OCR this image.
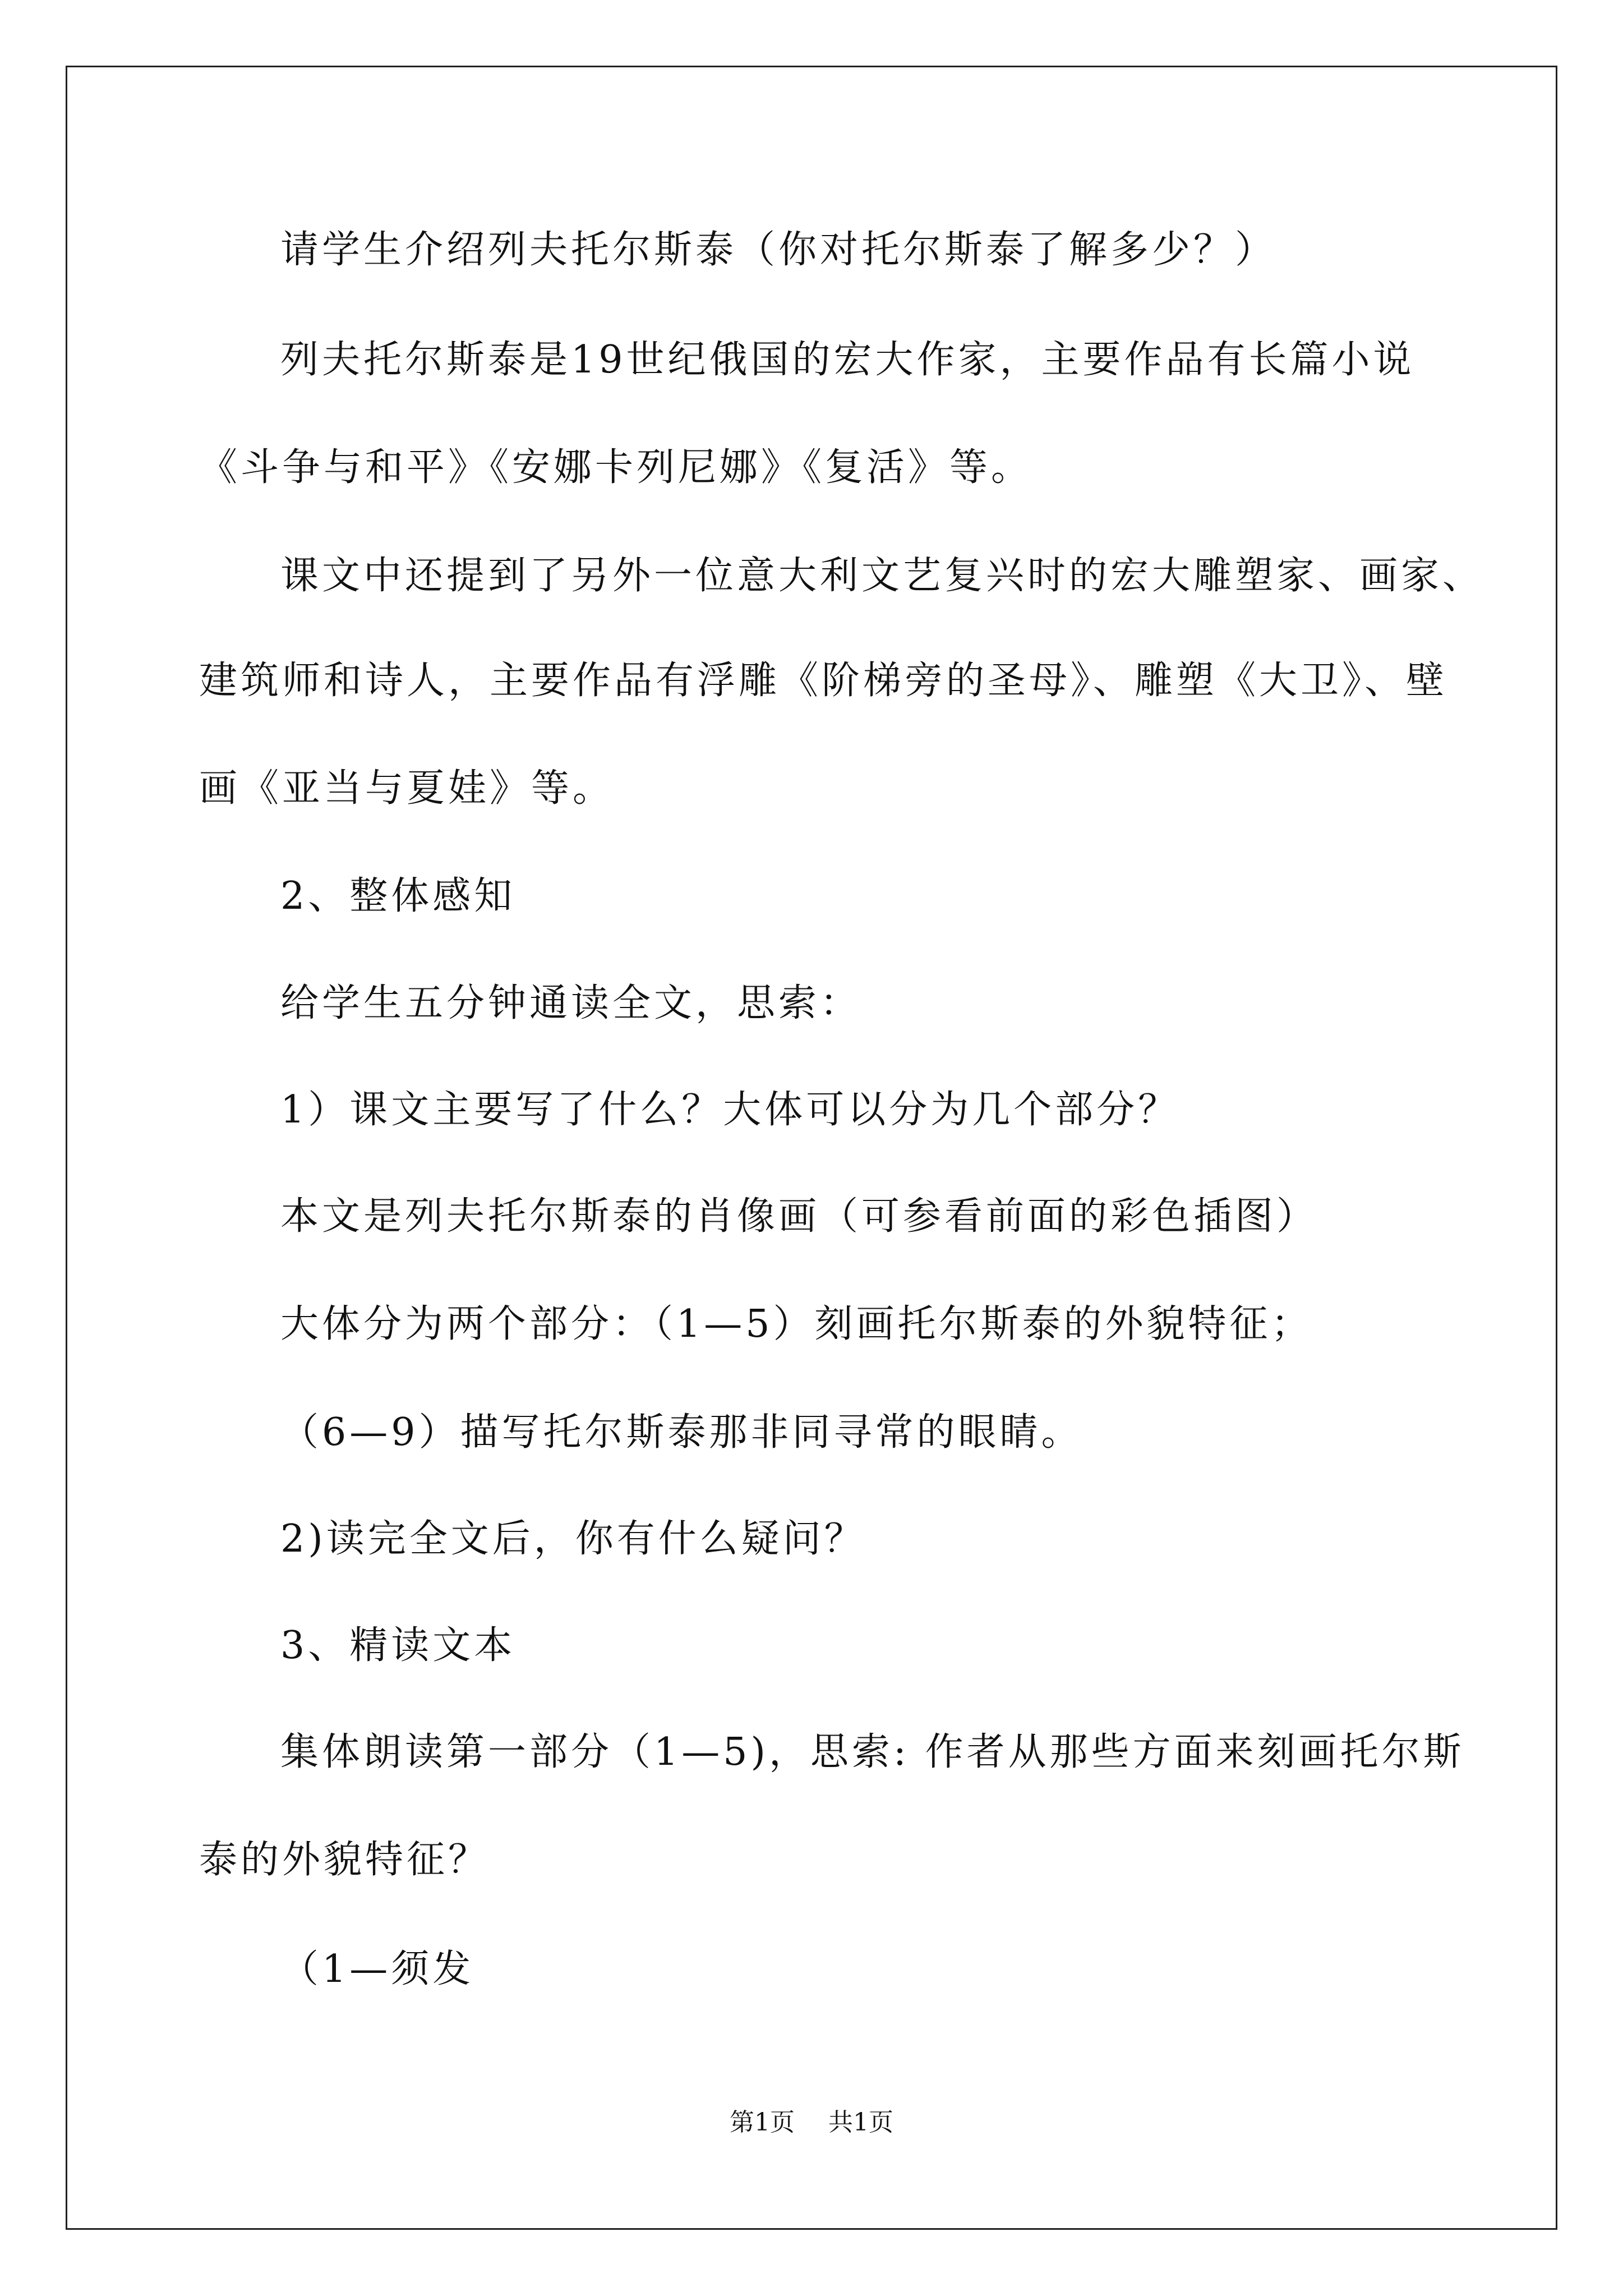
请学生介绍列夫托尔斯泰（你对托尔斯泰了解多少？）
列夫托尔斯泰是19世纪俄国的宏大作家，主要作品有长篇小说
《斗争与和平》《安娜卡列尼娜》《复活》等。
课文中还提到了另外一位意大利文艺复兴时的宏大雕塑家、画家、
建筑师和诗人，主要作品有浮雕《阶梯旁的圣母》、雕塑《大卫》、壁
画《亚当与夏娃》等。
2、整体感知
给学生五分钟通读全文，思索：
1）课文主要写了什么？大体可以分为几个部分？
本文是列夫托尔斯泰的肖像画（可参看前面的彩色插图）
大体分为两个部分：（1—5）刻画托尔斯泰的外貌特征；
（6—9）描写托尔斯泰那非同寻常的眼睛。
2)读完全文后，你有什么疑问？
3、精读文本
集体朗读第一部分（1—5)，思索: 作者从那些方面来刻画托尔斯
泰的外貌特征？
（1—须发
第1页 共1页
